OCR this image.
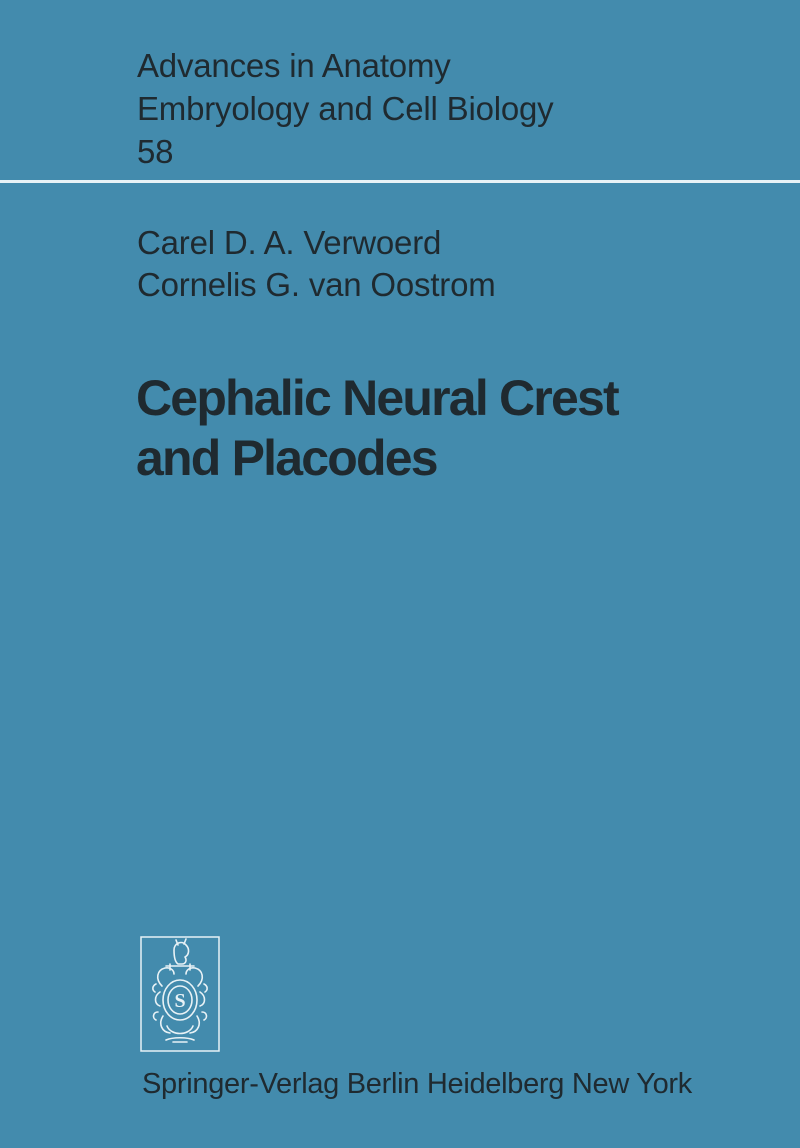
Advances in Anatomy
Embryology and Cell Biology
58
Carel D. A. Verwoerd
Cornelis G. van Oostrom
Cephalic Neural Crest
and Placodes
S
Springer-Verlag Berlin Heidelberg New York
